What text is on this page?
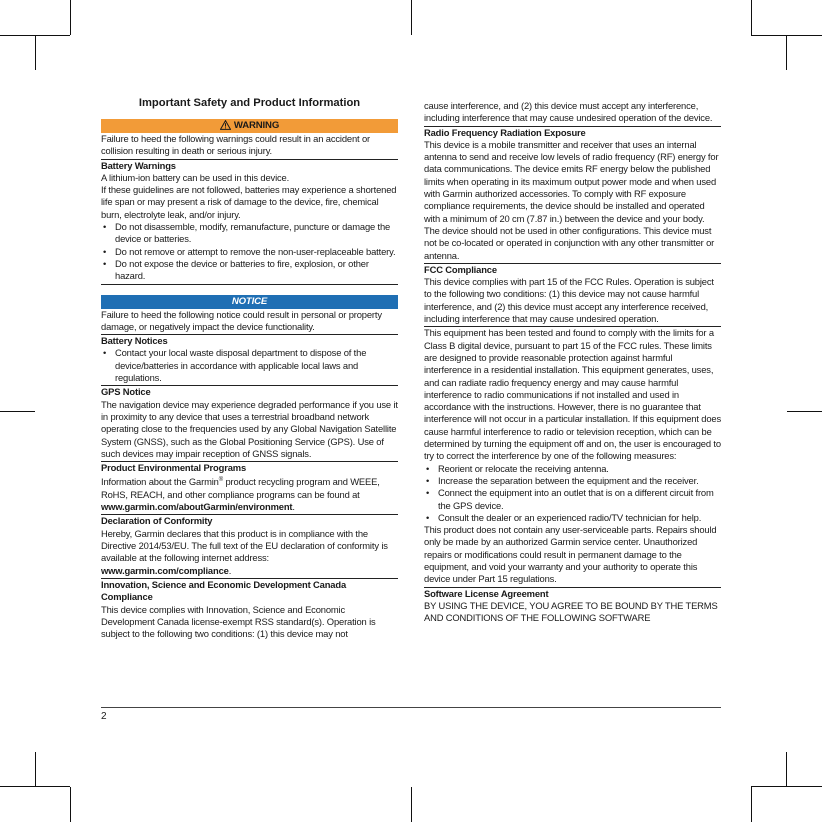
Important Safety and Product Information
WARNING

Failure to heed the following warnings could result in an accident or collision resulting in death or serious injury.

Battery Warnings

A lithium-ion battery can be used in this device.

If these guidelines are not followed, batteries may experience a shortened life span or may present a risk of damage to the device, fire, chemical burn, electrolyte leak, and/or injury.

• Do not disassemble, modify, remanufacture, puncture or damage the device or batteries.
• Do not remove or attempt to remove the non-user-replaceable battery.
• Do not expose the device or batteries to fire, explosion, or other hazard.
NOTICE

Failure to heed the following notice could result in personal or property damage, or negatively impact the device functionality.

Battery Notices

• Contact your local waste disposal department to dispose of the device/batteries in accordance with applicable local laws and regulations.

GPS Notice

The navigation device may experience degraded performance if you use it in proximity to any device that uses a terrestrial broadband network operating close to the frequencies used by any Global Navigation Satellite System (GNSS), such as the Global Positioning Service (GPS). Use of such devices may impair reception of GNSS signals.

Product Environmental Programs

Information about the Garmin® product recycling program and WEEE, RoHS, REACH, and other compliance programs can be found at www.garmin.com/aboutGarmin/environment.

Declaration of Conformity

Hereby, Garmin declares that this product is in compliance with the Directive 2014/53/EU. The full text of the EU declaration of conformity is available at the following internet address: www.garmin.com/compliance.

Innovation, Science and Economic Development Canada Compliance

This device complies with Innovation, Science and Economic Development Canada license-exempt RSS standard(s). Operation is subject to the following two conditions: (1) this device may not

cause interference, and (2) this device must accept any interference, including interference that may cause undesired operation of the device.

Radio Frequency Radiation Exposure

This device is a mobile transmitter and receiver that uses an internal antenna to send and receive low levels of radio frequency (RF) energy for data communications. The device emits RF energy below the published limits when operating in its maximum output power mode and when used with Garmin authorized accessories. To comply with RF exposure compliance requirements, the device should be installed and operated with a minimum of 20 cm (7.87 in.) between the device and your body. The device should not be used in other configurations. This device must not be co-located or operated in conjunction with any other transmitter or antenna.

FCC Compliance

This device complies with part 15 of the FCC Rules. Operation is subject to the following two conditions: (1) this device may not cause harmful interference, and (2) this device must accept any interference received, including interference that may cause undesired operation.

This equipment has been tested and found to comply with the limits for a Class B digital device, pursuant to part 15 of the FCC rules. These limits are designed to provide reasonable protection against harmful interference in a residential installation. This equipment generates, uses, and can radiate radio frequency energy and may cause harmful interference to radio communications if not installed and used in accordance with the instructions. However, there is no guarantee that interference will not occur in a particular installation. If this equipment does cause harmful interference to radio or television reception, which can be determined by turning the equipment off and on, the user is encouraged to try to correct the interference by one of the following measures:

• Reorient or relocate the receiving antenna.
• Increase the separation between the equipment and the receiver.
• Connect the equipment into an outlet that is on a different circuit from the GPS device.
• Consult the dealer or an experienced radio/TV technician for help.

This product does not contain any user-serviceable parts. Repairs should only be made by an authorized Garmin service center. Unauthorized repairs or modifications could result in permanent damage to the equipment, and void your warranty and your authority to operate this device under Part 15 regulations.

Software License Agreement

BY USING THE DEVICE, YOU AGREE TO BE BOUND BY THE TERMS AND CONDITIONS OF THE FOLLOWING SOFTWARE

2
